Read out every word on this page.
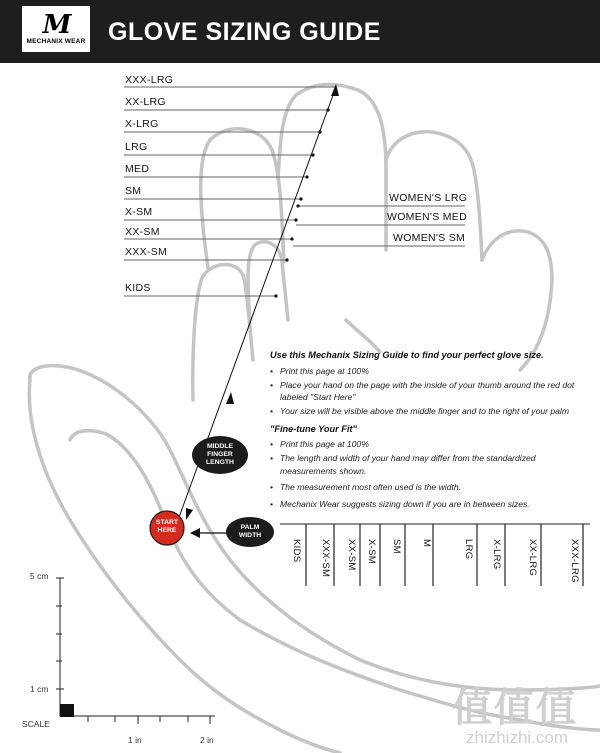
M
MECHANIX WEAR GLOVE SIZING GUIDE
XXX-LRG
XX-LRG
X-LRG
LRG
MED
SM
X-SM
XX-SM
XXX-SM
KIDS
WOMEN'S LRG
WOMEN'S MED
WOMEN'S SM
MIDDLE FINGER LENGTH
START HERE	PALM WIDTH
Use this Mechanix Sizing Guide to find your perfect glove size.
• Print this page at 100%
• Place your hand on the page with the inside of your thumb around the red dot labeled "Start Here"
• Your size will be visible above the middle finger and to the right of your palm
"Fine-tune Your Fit"
• Print this page at 100%
• The length and width of your hand may differ from the standardized measurements shown.
• The measurement most often used is the width.
• Mechanix Wear suggests sizing down if you are in between sizes.
KIDS XXX-SM XX-SM X-SM SM M	LRG X-LRG	XX-LRG	XXX-LRG
5 cm
1 cm
SCALE
1 in	2 in
值值值
zhizhizhi.com
